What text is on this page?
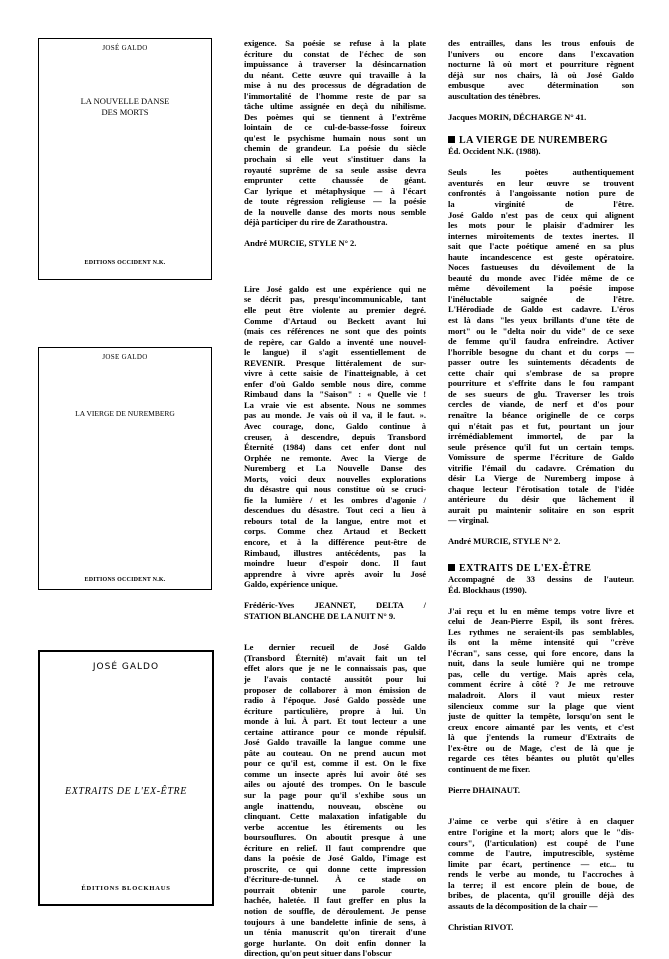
JOSÉ GALDO
LA NOUVELLE DANSE
DES MORTS
EDITIONS OCCIDENT N.K.
JOSE GALDO
LA VIERGE DE NUREMBERG
EDITIONS OCCIDENT N.K.
JOSÉ GALDO
EXTRAITS DE L'EX-ÊTRE
ÉDITIONS BLOCKHAUS
exigence. Sa poésie se refuse à la plate
écriture du constat de l'échec de son
impuissance à traverser la désincarnation
du néant. Cette œuvre qui travaille à la
mise à nu des processus de dégradation de
l'immortalité de l'homme reste de par sa
tâche ultime assignée en deçà du nihilisme.
Des poèmes qui se tiennent à l'extrême
lointain de ce cul-de-basse-fosse foireux
qu'est le psychisme humain nous sont un
chemin de grandeur. La poésie du siècle
prochain si elle veut s'instituer dans la
royauté suprême de sa seule assise devra
emprunter cette chaussée de géant.
Car lyrique et métaphysique — à l'écart
de toute régression religieuse — la poésie
de la nouvelle danse des morts nous semble
déjà participer du rire de Zarathoustra.

André MURCIE, STYLE N° 2.

Lire José galdo est une expérience qui ne
se décrit pas, presqu'incommunicable, tant
elle peut être violente au premier degré.
Comme d'Artaud ou Beckett avant lui
(mais ces références ne sont que des points
de repère, car Galdo a inventé une nouvel-
le langue) il s'agit essentiellement de
REVENIR. Presque littéralement de sur-
vivre à cette saisie de l'inatteignable, à cet
enfer d'où Galdo semble nous dire, comme
Rimbaud dans la "Saison" : « Quelle vie !
La vraie vie est absente. Nous ne sommes
pas au monde. Je vais où il va, il le faut. ».
Avec courage, donc, Galdo continue à
creuser, à descendre, depuis Transbord
Éternité (1984) dans cet enfer dont nul
Orphée ne remonte. Avec la Vierge de
Nuremberg et La Nouvelle Danse des
Morts, voici deux nouvelles explorations
du désastre qui nous constitue où se cruci-
fie la lumière / et les ombres d'agonie /
descendues du désastre. Tout ceci a lieu à
rebours total de la langue, entre mot et
corps. Comme chez Artaud et Beckett
encore, et à la différence peut-être de
Rimbaud, illustres antécédents, pas la
moindre lueur d'espoir donc. Il faut
apprendre à vivre après avoir lu José
Galdo, expérience unique.
Frédéric-Yves JEANNET, DELTA /
STATION BLANCHE DE LA NUIT N° 9.
Le dernier recueil de José Galdo
(Transbord Éternité) m'avait fait un tel
effet alors que je ne le connaissais pas, que
je l'avais contacté aussitôt pour lui
proposer de collaborer à mon émission de
radio à l'époque. José Galdo possède une
écriture particulière, propre à lui. Un
monde à lui. À part. Et tout lecteur a une
certaine attirance pour ce monde répulsif.
José Galdo travaille la langue comme une
pâte au couteau. On ne prend aucun mot
pour ce qu'il est, comme il est. On le fixe
comme un insecte après lui avoir ôté ses
ailes ou ajouté des trompes. On le bascule
sur la page pour qu'il s'exhibe sous un
angle inattendu, nouveau, obscène ou
clinquant. Cette malaxation infatigable du
verbe accentue les étirements ou les
boursouflures. On aboutit presque à une
écriture en relief. Il faut comprendre que
dans la poésie de José Galdo, l'image est
proscrite, ce qui donne cette impression
d'écriture-de-tunnel. À ce stade on
pourrait obtenir une parole courte,
hachée, haletée. Il faut greffer en plus la
notion de souffle, de déroulement. Je pense
toujours à une bandelette infinie de sens, à
un ténia manuscrit qu'on tirerait d'une
gorge hurlante. On doit enfin donner la
direction, qu'on peut situer dans l'obscur
des entrailles, dans les trous enfouis de
l'univers ou encore dans l'excavation
nocturne là où mort et pourriture règnent
déjà sur nos chairs, là où José Galdo
embusque avec détermination son
auscultation des ténèbres.

Jacques MORIN, DÉCHARGE N° 41.

LA VIERGE DE NUREMBERG

Éd. Occident N.K. (1988).

Seuls les poètes authentiquement
aventurés en leur œuvre se trouvent
confrontés à l'angoissante notion pure de
la virginité de l'être.
José Galdo n'est pas de ceux qui alignent
les mots pour le plaisir d'admirer les
internes miroitements de textes inertes. Il
sait que l'acte poétique amené en sa plus
haute incandescence est geste opératoire.
Noces fastueuses du dévoilement de la
beauté du monde avec l'idée même de ce
même dévoilement la poésie impose
l'inéluctable saignée de l'être.
L'Hérodiade de Galdo est cadavre. L'éros
est là dans "les yeux brillants d'une tête de
mort" ou le "delta noir du vide" de ce sexe
de femme qu'il faudra enfreindre. Activer
l'horrible besogne du chant et du corps —
passer outre les suintements décadents de
cette chair qui s'embrase de sa propre
pourriture et s'effrite dans le fou rampant
de ses sueurs de glu. Traverser les trois
cercles de viande, de nerf et d'os pour
renaître la béance originelle de ce corps
qui n'était pas et fut, pourtant un jour
irrémédiablement immortel, de par la
seule présence qu'il fut un certain temps.
Vomissure de sperme l'écriture de Galdo
vitrifie l'émail du cadavre. Crémation du
désir La Vierge de Nuremberg impose à
chaque lecteur l'érotisation totale de l'idée
antérieure du désir que lâchement il
aurait pu maintenir solitaire en son esprit
— virginal.

André MURCIE, STYLE N° 2.

EXTRAITS DE L'EX-ÊTRE

Accompagné de 33 dessins de l'auteur.
Éd. Blockhaus (1990).
J'ai reçu et lu en même temps votre livre et
celui de Jean-Pierre Espil, ils sont frères.
Les rythmes ne seraient-ils pas semblables,
ils ont la même intensité qui "crève
l'écran", sans cesse, qui fore encore, dans la
nuit, dans la seule lumière qui ne trompe
pas, celle du vertige. Mais après cela,
comment écrire à côté ? Je me retrouve
maladroit. Alors il vaut mieux rester
silencieux comme sur la plage que vient
juste de quitter la tempête, lorsqu'on sent le
creux encore aimanté par les vents, et c'est
là que j'entends la rumeur d'Extraits de
l'ex-être ou de Mage, c'est de là que je
regarde ces têtes béantes ou plutôt qu'elles
continuent de me fixer.

Pierre DHAINAUT.

J'aime ce verbe qui s'étire à en claquer
entre l'origine et la mort; alors que le "dis-
cours", (l'articulation) est coupé de l'une
comme de l'autre, imputrescible, système
limite par écart, pertinence — etc... tu
rends le verbe au monde, tu l'accroches à
la terre; il est encore plein de boue, de
bribes, de placenta, qu'il grouille déjà des
assauts de la décomposition de la chair —

Christian RIVOT.
